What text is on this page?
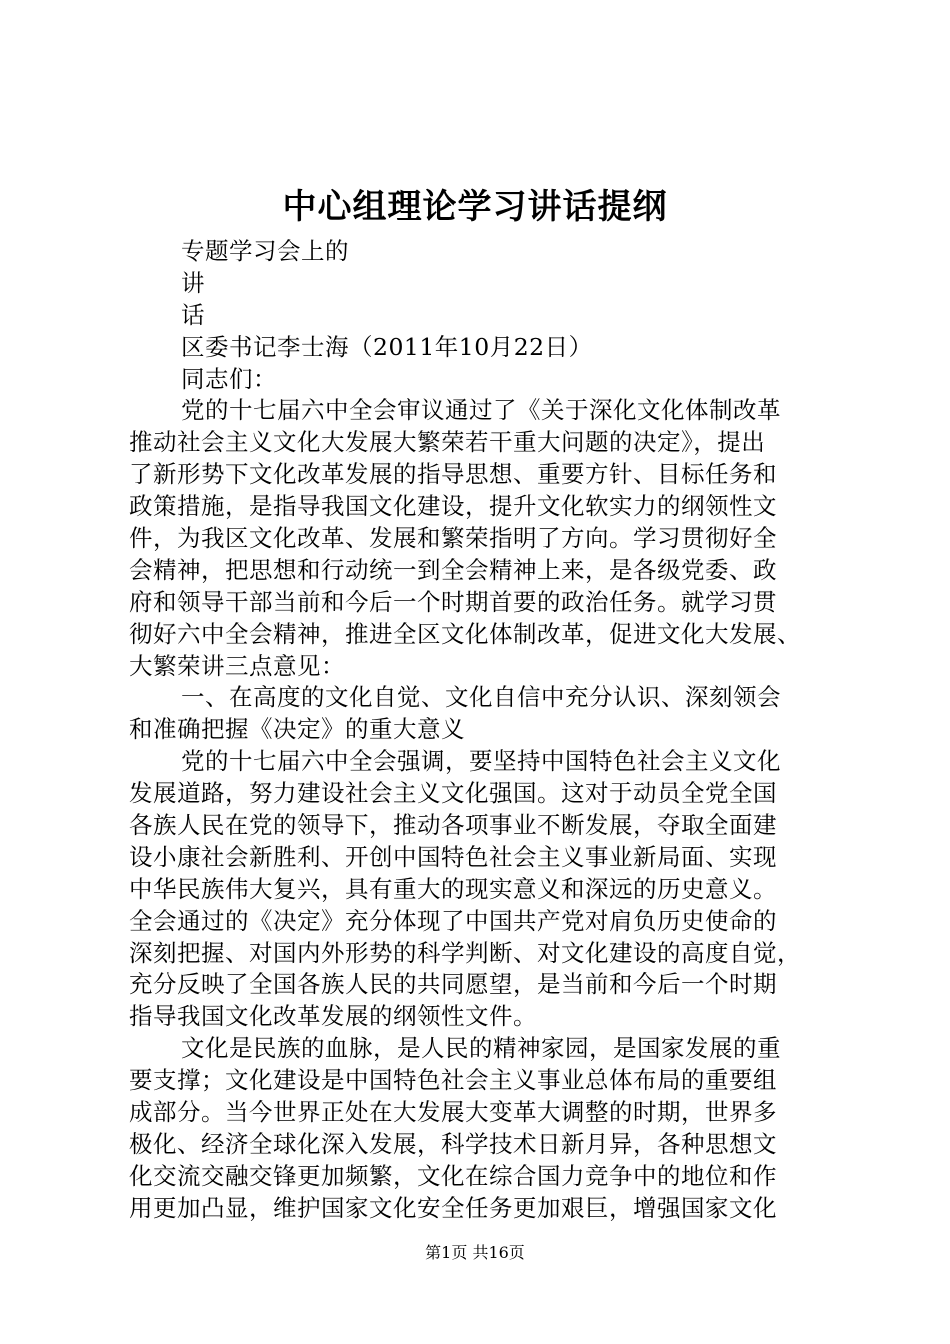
中心组理论学习讲话提纲
专题学习会上的
讲
话
区委书记李士海（2011年10月22日）
同志们：
党的十七届六中全会审议通过了《关于深化文化体制改革
推动社会主义文化大发展大繁荣若干重大问题的决定》，提出
了新形势下文化改革发展的指导思想、重要方针、目标任务和
政策措施，是指导我国文化建设，提升文化软实力的纲领性文
件，为我区文化改革、发展和繁荣指明了方向。学习贯彻好全
会精神，把思想和行动统一到全会精神上来，是各级党委、政
府和领导干部当前和今后一个时期首要的政治任务。就学习贯
彻好六中全会精神，推进全区文化体制改革，促进文化大发展、
大繁荣讲三点意见：
一、在高度的文化自觉、文化自信中充分认识、深刻领会
和准确把握《决定》的重大意义
党的十七届六中全会强调，要坚持中国特色社会主义文化
发展道路，努力建设社会主义文化强国。这对于动员全党全国
各族人民在党的领导下，推动各项事业不断发展，夺取全面建
设小康社会新胜利、开创中国特色社会主义事业新局面、实现
中华民族伟大复兴，具有重大的现实意义和深远的历史意义。
全会通过的《决定》充分体现了中国共产党对肩负历史使命的
深刻把握、对国内外形势的科学判断、对文化建设的高度自觉，
充分反映了全国各族人民的共同愿望，是当前和今后一个时期
指导我国文化改革发展的纲领性文件。
文化是民族的血脉，是人民的精神家园，是国家发展的重
要支撑；文化建设是中国特色社会主义事业总体布局的重要组
成部分。当今世界正处在大发展大变革大调整的时期，世界多
极化、经济全球化深入发展，科学技术日新月异，各种思想文
化交流交融交锋更加频繁，文化在综合国力竞争中的地位和作
用更加凸显，维护国家文化安全任务更加艰巨，增强国家文化
第1页 共16页
